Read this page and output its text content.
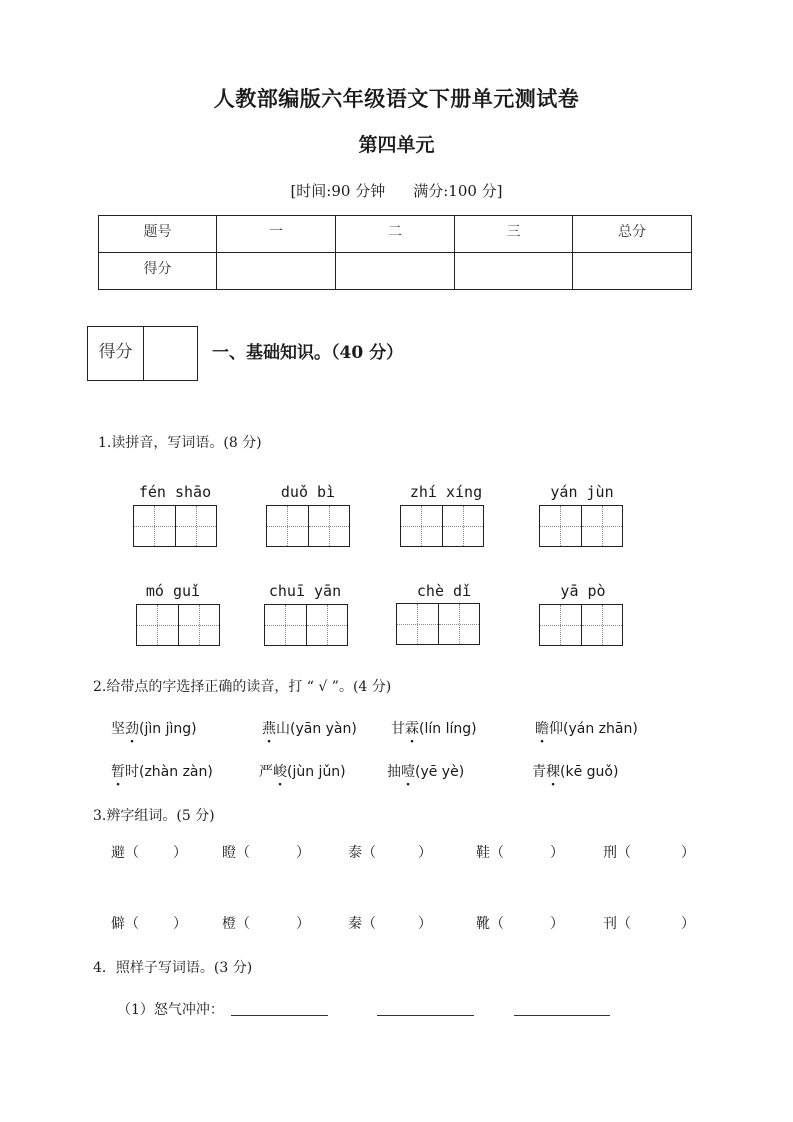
人教部编版六年级语文下册单元测试卷
第四单元
[时间:90 分钟 满分:100 分]
题号	一	二	三	总分
得分				
得分	一、基础知识。（40 分）
1.读拼音，写词语。(8 分)
fén shāo	duǒ bì	zhí xíng	yán jùn
mó guǐ	chuī yān	chè dǐ	yā pò
2.给带点的字选择正确的读音，打 “ √ ”。(4 分)
坚劲(jìn jìng)	燕山(yān yàn) 甘霖(lín líng)	瞻仰(yán zhān)
暂时(zhàn zàn)	严峻(jùn jǔn)	抽噎(yē yè)	青稞(kē guǒ)
3.辨字组词。(5 分)
避（ ）	瞪（	）	泰（	）	鞋（	）	刑（	）
僻（ ）	橙（	）	秦（	）	靴（	）	刊（	）
4．照样子写词语。(3 分)
（1）怒气冲冲：
